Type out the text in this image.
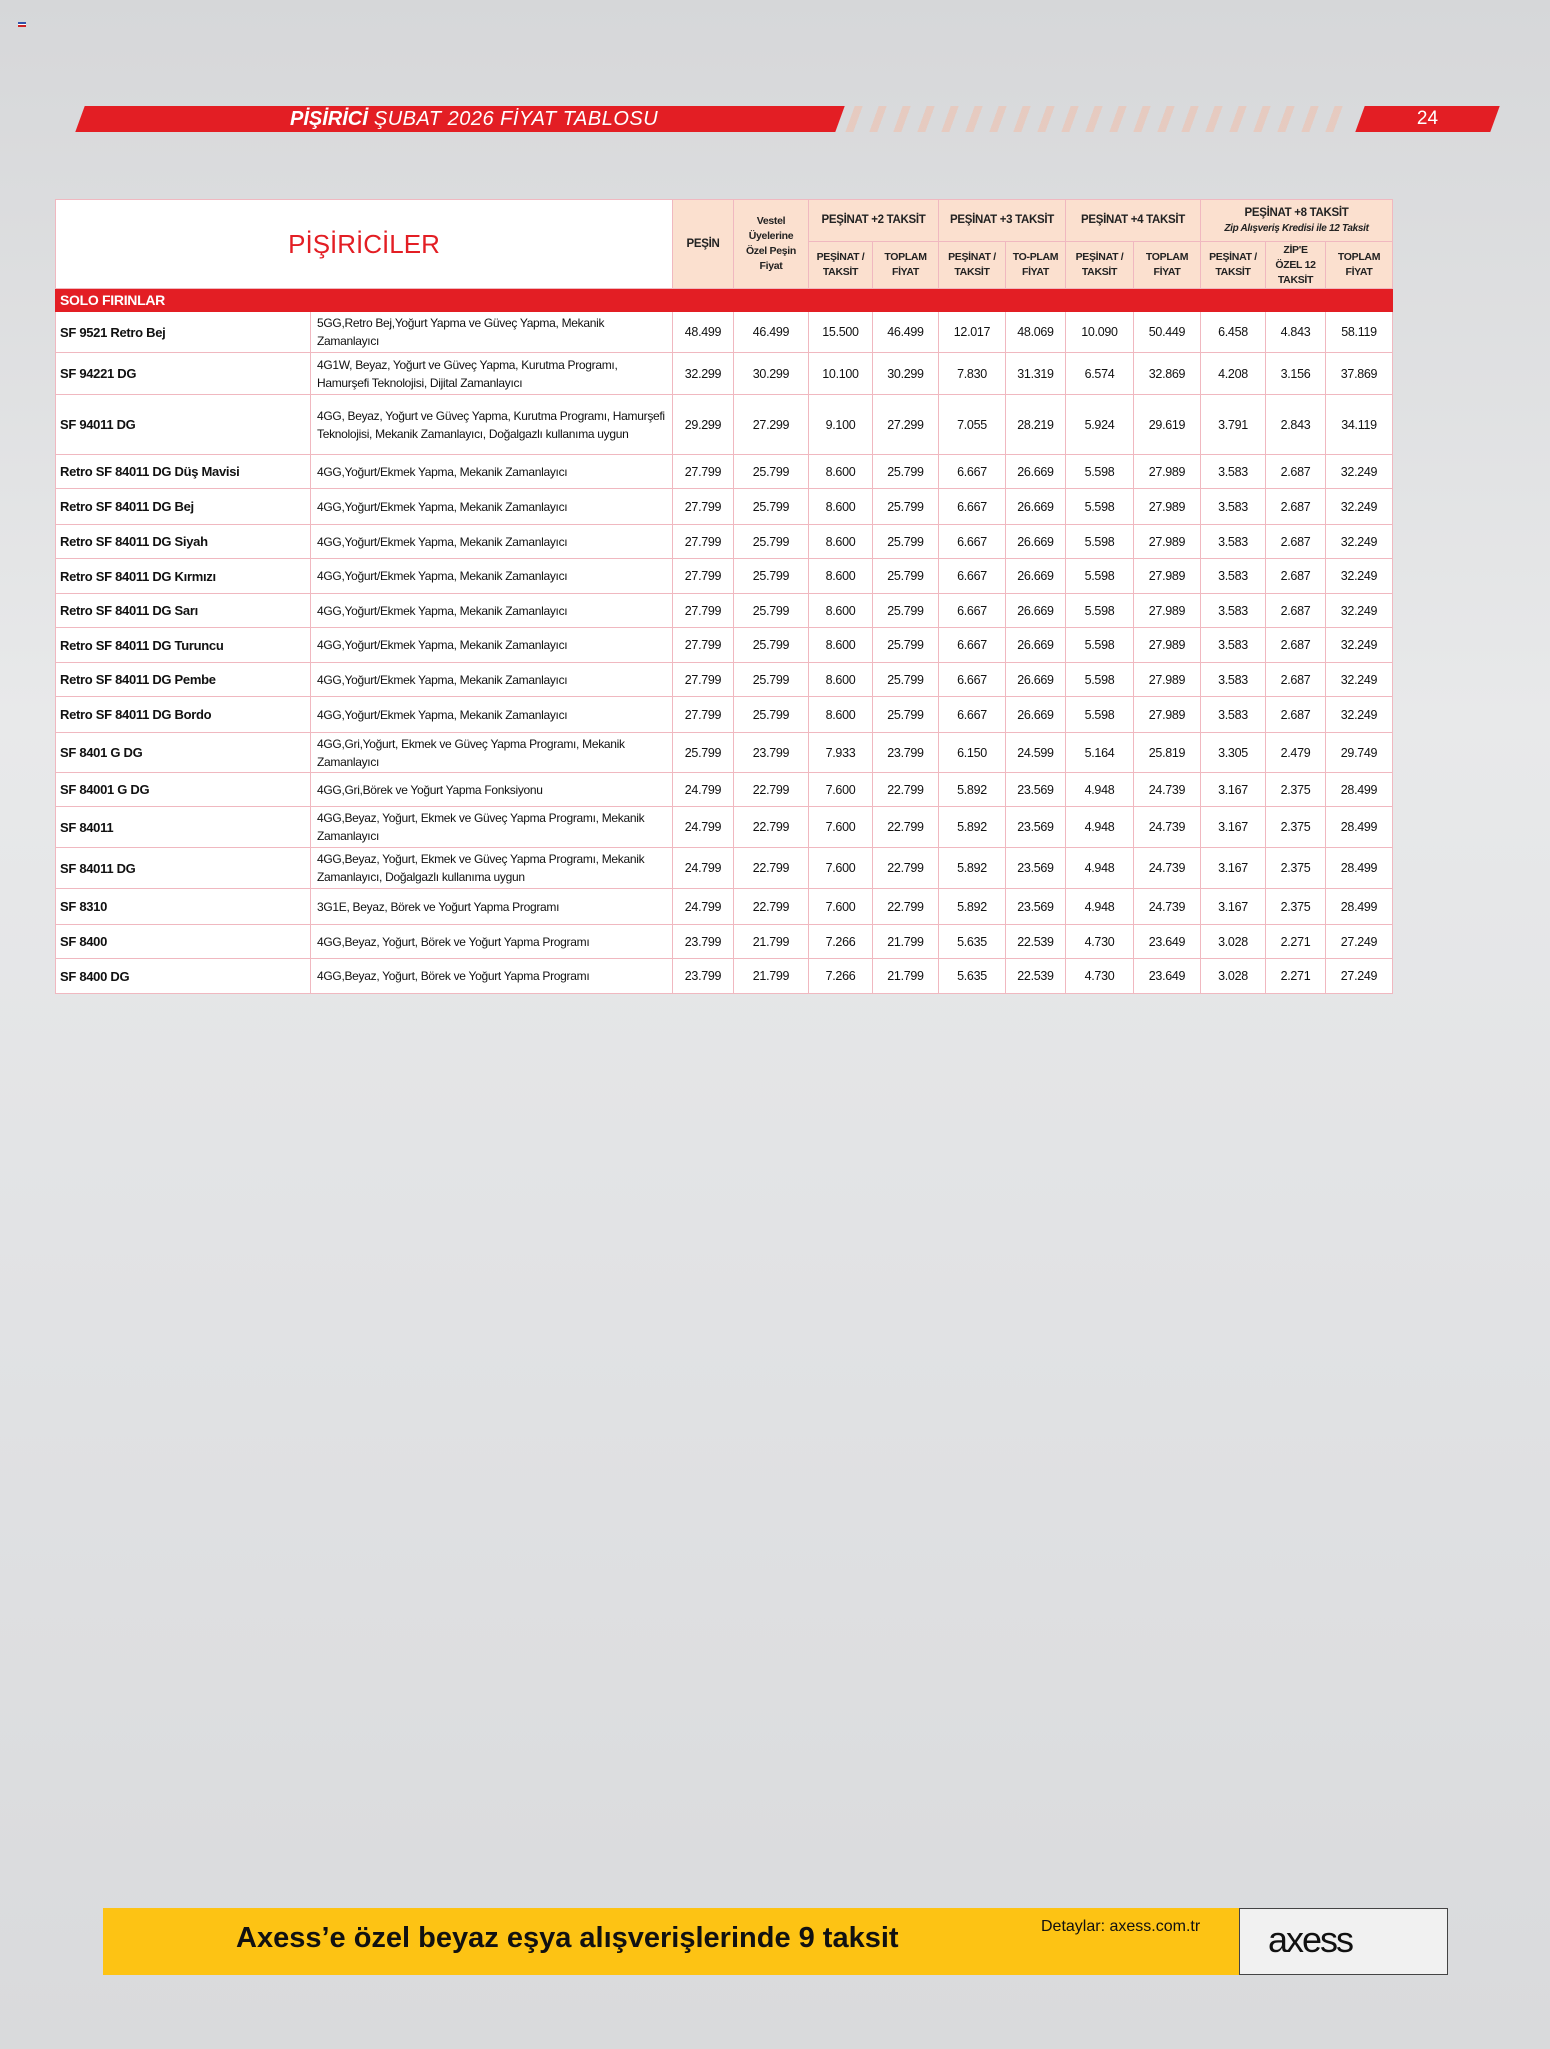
PİŞİRİCİ ŞUBAT 2026 FİYAT TABLOSU	24
PİŞİRİCİLER		PEŞİN	Vestel Üyelerine Özel Peşin Fiyat	PEŞİNAT +2 TAKSİT		PEŞİNAT +3 TAKSİT		PEŞİNAT +4 TAKSİT		PEŞİNAT +8 TAKSİT
Zip Alışveriş Kredisi ile 12 Taksit		

				PEŞİNAT / TAKSİT	TOPLAM FİYAT	PEŞİNAT / TAKSİT	TO-PLAM FİYAT	PEŞİNAT / TAKSİT	TOPLAM FİYAT	PEŞİNAT / TAKSİT	ZİP'E ÖZEL 12 TAKSİT	TOPLAM FİYAT
SOLO FIRINLAR												
SF 9521 Retro Bej	5GG,Retro Bej,Yoğurt Yapma ve Güveç Yapma, Mekanik Zamanlayıcı	48.499	46.499	15.500	46.499	12.017	48.069	10.090	50.449	6.458	4.843	58.119
SF 94221 DG	4G1W, Beyaz, Yoğurt ve Güveç Yapma, Kurutma Programı, Hamurşefi Teknolojisi, Dijital Zamanlayıcı	32.299	30.299	10.100	30.299	7.830	31.319	6.574	32.869	4.208	3.156	37.869
SF 94011 DG	4GG, Beyaz, Yoğurt ve Güveç Yapma, Kurutma Programı, Hamurşefi Teknolojisi, Mekanik Zamanlayıcı, Doğalgazlı kullanıma uygun	29.299	27.299	9.100	27.299	7.055	28.219	5.924	29.619	3.791	2.843	34.119
Retro SF 84011 DG Düş Mavisi	4GG,Yoğurt/Ekmek Yapma, Mekanik Zamanlayıcı	27.799	25.799	8.600	25.799	6.667	26.669	5.598	27.989	3.583	2.687	32.249
Retro SF 84011 DG Bej	4GG,Yoğurt/Ekmek Yapma, Mekanik Zamanlayıcı	27.799	25.799	8.600	25.799	6.667	26.669	5.598	27.989	3.583	2.687	32.249
Retro SF 84011 DG Siyah	4GG,Yoğurt/Ekmek Yapma, Mekanik Zamanlayıcı	27.799	25.799	8.600	25.799	6.667	26.669	5.598	27.989	3.583	2.687	32.249
Retro SF 84011 DG Kırmızı	4GG,Yoğurt/Ekmek Yapma, Mekanik Zamanlayıcı	27.799	25.799	8.600	25.799	6.667	26.669	5.598	27.989	3.583	2.687	32.249
Retro SF 84011 DG Sarı	4GG,Yoğurt/Ekmek Yapma, Mekanik Zamanlayıcı	27.799	25.799	8.600	25.799	6.667	26.669	5.598	27.989	3.583	2.687	32.249
Retro SF 84011 DG Turuncu	4GG,Yoğurt/Ekmek Yapma, Mekanik Zamanlayıcı	27.799	25.799	8.600	25.799	6.667	26.669	5.598	27.989	3.583	2.687	32.249
Retro SF 84011 DG Pembe	4GG,Yoğurt/Ekmek Yapma, Mekanik Zamanlayıcı	27.799	25.799	8.600	25.799	6.667	26.669	5.598	27.989	3.583	2.687	32.249
Retro SF 84011 DG Bordo	4GG,Yoğurt/Ekmek Yapma, Mekanik Zamanlayıcı	27.799	25.799	8.600	25.799	6.667	26.669	5.598	27.989	3.583	2.687	32.249
SF 8401 G DG	4GG,Gri,Yoğurt, Ekmek ve Güveç Yapma Programı, Mekanik Zamanlayıcı	25.799	23.799	7.933	23.799	6.150	24.599	5.164	25.819	3.305	2.479	29.749
SF 84001 G DG	4GG,Gri,Börek ve Yoğurt Yapma Fonksiyonu	24.799	22.799	7.600	22.799	5.892	23.569	4.948	24.739	3.167	2.375	28.499
SF 84011	4GG,Beyaz, Yoğurt, Ekmek ve Güveç Yapma Programı, Mekanik Zamanlayıcı	24.799	22.799	7.600	22.799	5.892	23.569	4.948	24.739	3.167	2.375	28.499
SF 84011 DG	4GG,Beyaz, Yoğurt, Ekmek ve Güveç Yapma Programı, Mekanik Zamanlayıcı, Doğalgazlı kullanıma uygun	24.799	22.799	7.600	22.799	5.892	23.569	4.948	24.739	3.167	2.375	28.499
SF 8310	3G1E, Beyaz, Börek ve Yoğurt Yapma Programı	24.799	22.799	7.600	22.799	5.892	23.569	4.948	24.739	3.167	2.375	28.499
SF 8400	4GG,Beyaz, Yoğurt, Börek ve Yoğurt Yapma Programı	23.799	21.799	7.266	21.799	5.635	22.539	4.730	23.649	3.028	2.271	27.249
SF 8400 DG	4GG,Beyaz, Yoğurt, Börek ve Yoğurt Yapma Programı	23.799	21.799	7.266	21.799	5.635	22.539	4.730	23.649	3.028	2.271	27.249
Axess’e özel beyaz eşya alışverişlerinde 9 taksit	Detaylar: axess.com.tr axess
